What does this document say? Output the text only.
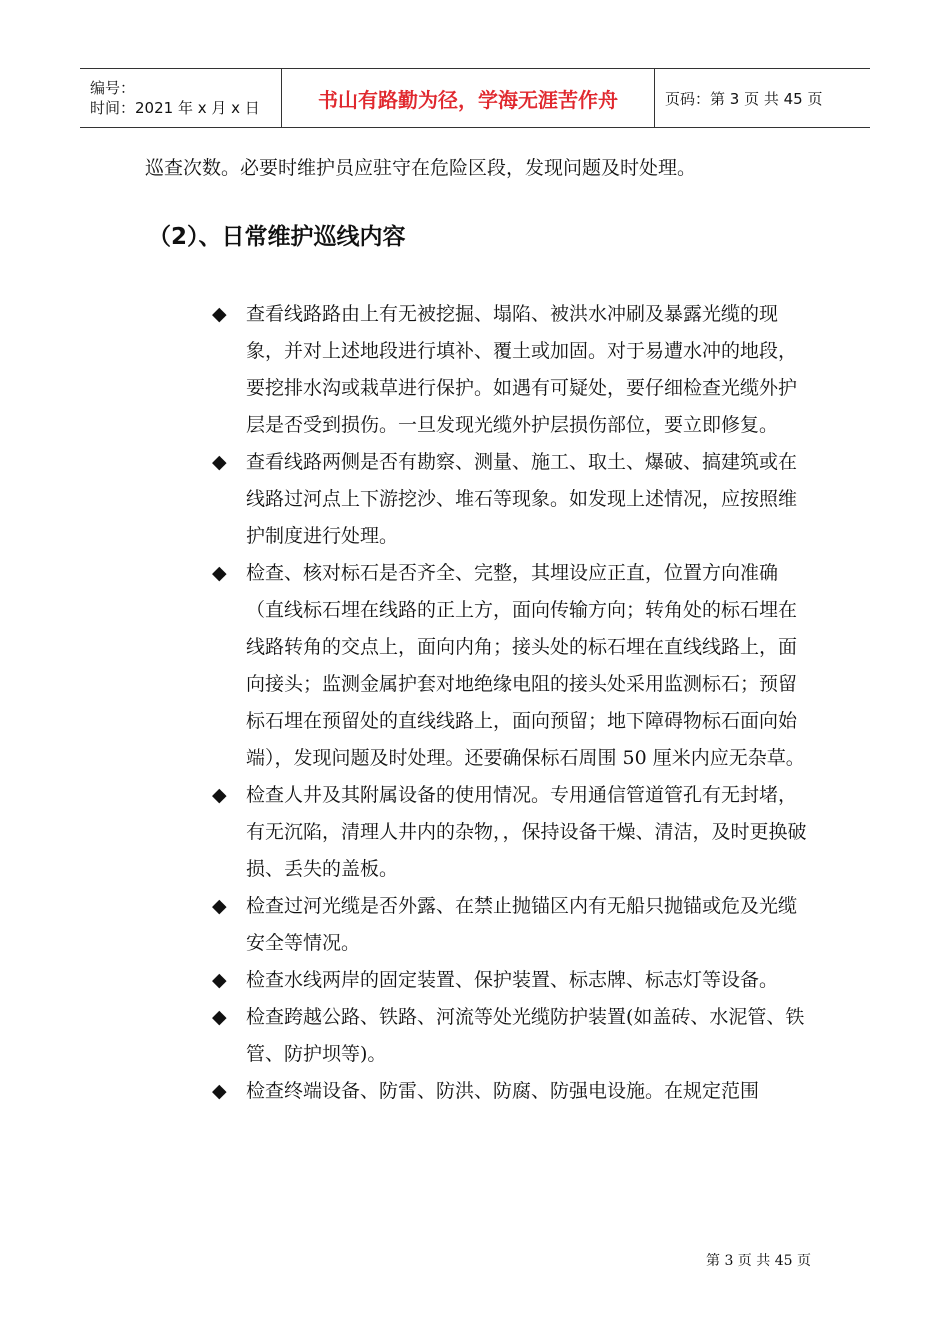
编号：
时间：2021 年 x 月 x 日	书山有路勤为径，学海无涯苦作舟	页码：第 3 页 共 45 页
巡查次数。必要时维护员应驻守在危险区段，发现问题及时处理。
（2）、日常维护巡线内容
◆ 查看线路路由上有无被挖掘、塌陷、被洪水冲刷及暴露光缆的现象，并对上述地段进行填补、覆土或加固。对于易遭水冲的地段，要挖排水沟或栽草进行保护。如遇有可疑处，要仔细检查光缆外护层是否受到损伤。一旦发现光缆外护层损伤部位，要立即修复。
◆ 查看线路两侧是否有勘察、测量、施工、取土、爆破、搞建筑或在线路过河点上下游挖沙、堆石等现象。如发现上述情况，应按照维护制度进行处理。
◆ 检查、核对标石是否齐全、完整，其埋设应正直，位置方向准确（直线标石埋在线路的正上方，面向传输方向；转角处的标石埋在线路转角的交点上，面向内角；接头处的标石埋在直线线路上，面向接头；监测金属护套对地绝缘电阻的接头处采用监测标石；预留标石埋在预留处的直线线路上，面向预留；地下障碍物标石面向始端），发现问题及时处理。还要确保标石周围 50 厘米内应无杂草。
◆ 检查人井及其附属设备的使用情况。专用通信管道管孔有无封堵，有无沉陷，清理人井内的杂物，，保持设备干燥、清洁，及时更换破损、丢失的盖板。
◆ 检查过河光缆是否外露、在禁止抛锚区内有无船只抛锚或危及光缆安全等情况。
◆ 检查水线两岸的固定装置、保护装置、标志牌、标志灯等设备。
◆ 检查跨越公路、铁路、河流等处光缆防护装置(如盖砖、水泥管、铁管、防护坝等)。
◆ 检查终端设备、防雷、防洪、防腐、防强电设施。在规定范围
第 3 页 共 45 页
